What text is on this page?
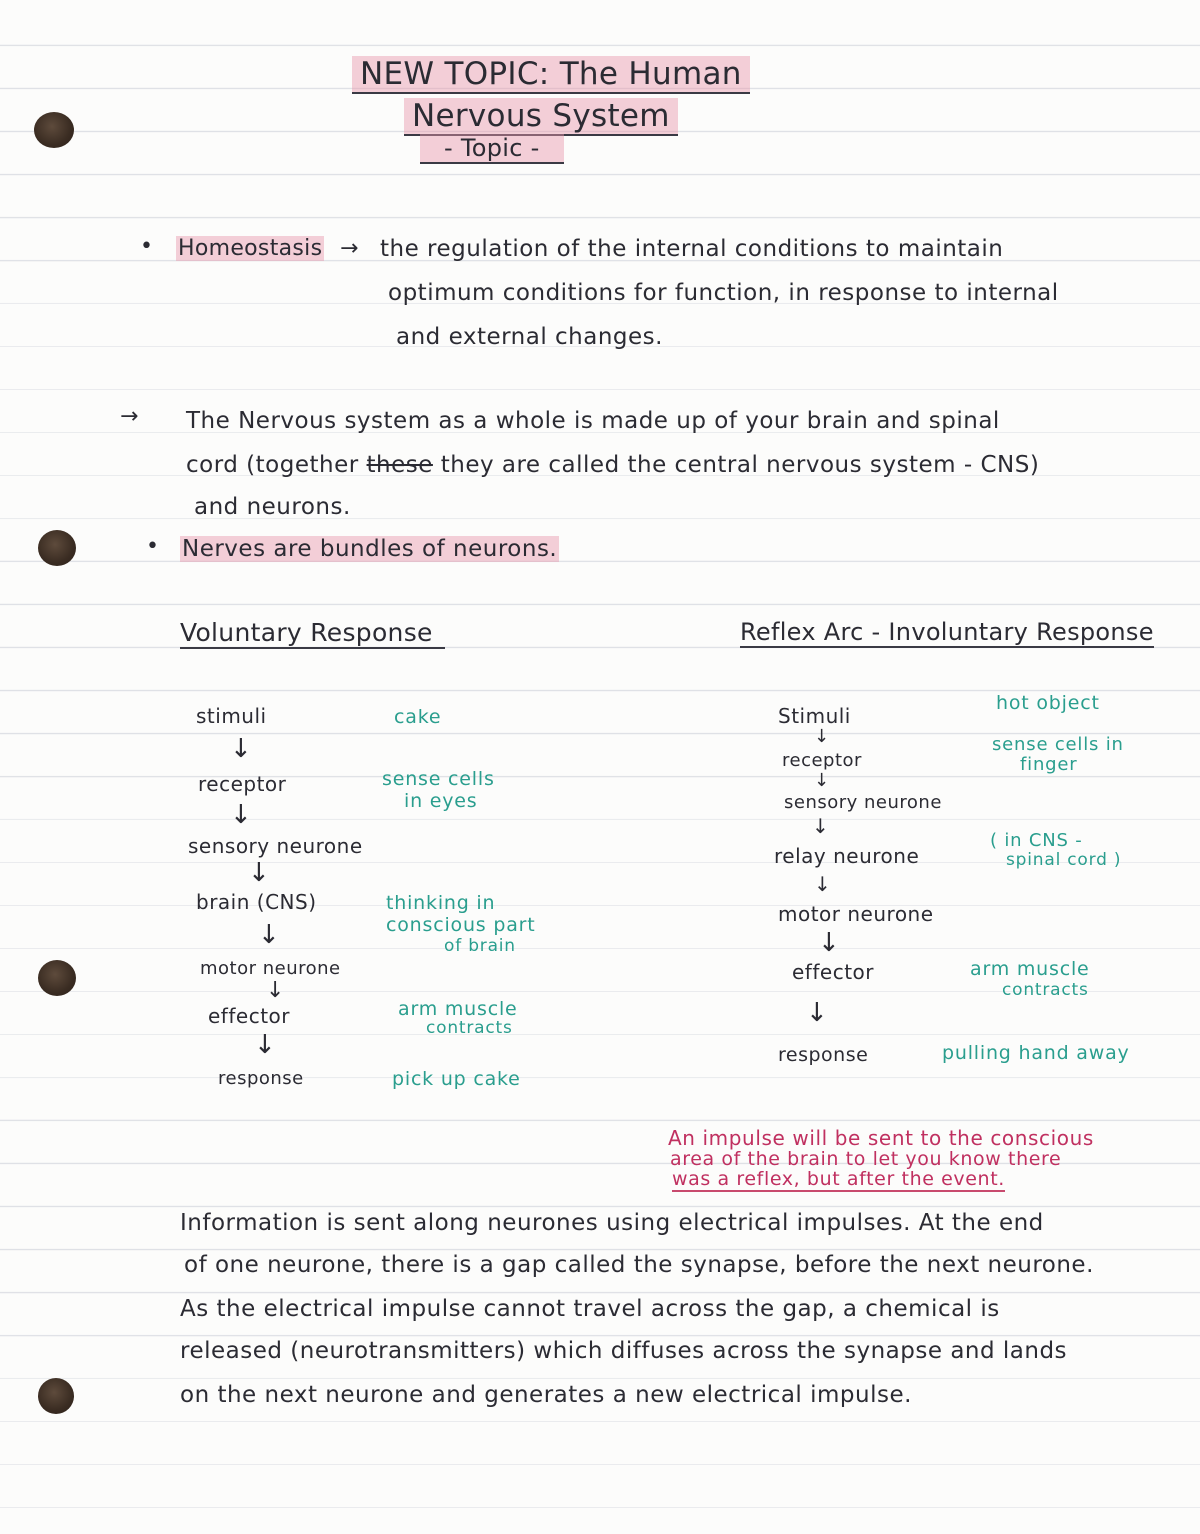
NEW TOPIC: The Human
Nervous System
- Topic -
• Homeostasis → the regulation of the internal conditions to maintain
optimum conditions for function, in response to internal
and external changes.
→ The Nervous system as a whole is made up of your brain and spinal
cord (together these they are called the central nervous system - CNS)
and neurons.
• Nerves are bundles of neurons.
Voluntary Response	Reflex Arc - Involuntary Response
stimuli
↓
receptor
↓
sensory neurone
↓
brain (CNS)
↓
motor neurone
↓
effector
↓
response
cake
sense cells
in eyes
thinking in
conscious part
of brain
arm muscle
contracts
pick up cake
Stimuli
↓
receptor
↓
sensory neurone
↓
relay neurone
↓
motor neurone
↓
effector
↓
response
hot object
sense cells in
finger
( in CNS -
spinal cord )
arm muscle
contracts
pulling hand away
An impulse will be sent to the conscious
area of the brain to let you know there
was a reflex, but after the event.
Information is sent along neurones using electrical impulses. At the end
of one neurone, there is a gap called the synapse, before the next neurone.
As the electrical impulse cannot travel across the gap, a chemical is
released (neurotransmitters) which diffuses across the synapse and lands
on the next neurone and generates a new electrical impulse.
